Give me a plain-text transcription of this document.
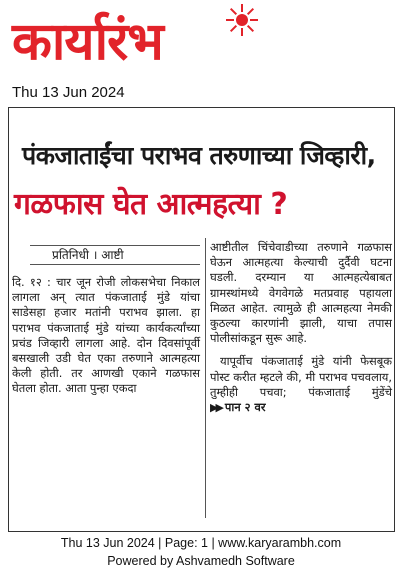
कार्यारंभ
Thu 13 Jun 2024
पंकजाताईंचा पराभव तरुणाच्या जिव्हारी,
गळफास घेत आत्महत्या ?
प्रतिनिधी । आष्टी
दि. १२ : चार जून रोजी लोकसभेचा निकाल लागला अन् त्यात पंकजाताई मुंडे यांचा साडेसहा हजार मतांनी पराभव झाला. हा पराभव पंकजाताई मुंडे यांच्या कार्यकर्त्यांच्या प्रचंड जिव्हारी लागला आहे. दोन दिवसांपूर्वी बसखाली उडी घेत एका तरुणाने आत्महत्या केली होती. तर आणखी एकाने गळफास घेतला होता. आता पुन्हा एकदा
आष्टीतील चिंचेवाडीच्या तरुणाने गळफास घेऊन आत्महत्या केल्याची दुर्दैवी घटना घडली. दरम्यान या आत्महत्येबाबत ग्रामस्थांमध्ये वेगवेगळे मतप्रवाह पहायला मिळत आहेत. त्यामुळे ही आत्महत्या नेमकी कुठल्या कारणांनी झाली, याचा तपास पोलीसांकडून सुरू आहे.
यापूर्वीच पंकजाताई मुंडे यांनी फेसबूक पोस्ट करीत म्हटले की, मी पराभव पचवलाय, तुम्हीही पचवा; पंकजाताई मुंडेंचे ▶▶ पान २ वर
Thu 13 Jun 2024 | Page: 1 | www.karyarambh.com
Powered by Ashvamedh Software
